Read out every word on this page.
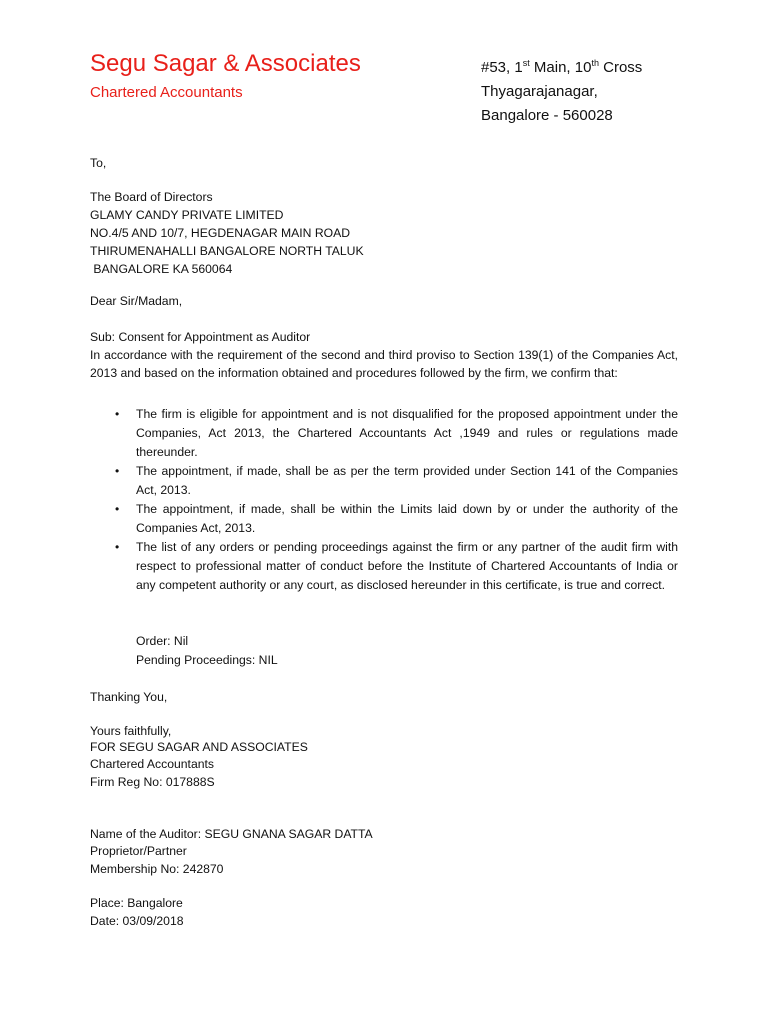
Segu Sagar & Associates
Chartered Accountants
#53, 1st Main, 10th Cross
Thyagarajanagar,
Bangalore - 560028
To,
The Board of Directors
GLAMY CANDY PRIVATE LIMITED
NO.4/5 AND 10/7, HEGDENAGAR MAIN ROAD
THIRUMENAHALLI BANGALORE NORTH TALUK
BANGALORE KA 560064
Dear Sir/Madam,
Sub: Consent for Appointment as Auditor
In accordance with the requirement of the second and third proviso to Section 139(1) of the Companies Act, 2013 and based on the information obtained and procedures followed by the firm, we confirm that:
• The firm is eligible for appointment and is not disqualified for the proposed appointment under the Companies, Act 2013, the Chartered Accountants Act ,1949 and rules or regulations made thereunder.
• The appointment, if made, shall be as per the term provided under Section 141 of the Companies Act, 2013.
• The appointment, if made, shall be within the Limits laid down by or under the authority of the Companies Act, 2013.
• The list of any orders or pending proceedings against the firm or any partner of the audit firm with respect to professional matter of conduct before the Institute of Chartered Accountants of India or any competent authority or any court, as disclosed hereunder in this certificate, is true and correct.
Order: Nil
Pending Proceedings: NIL
Thanking You,
Yours faithfully,
FOR SEGU SAGAR AND ASSOCIATES
Chartered Accountants
Firm Reg No: 017888S
Name of the Auditor: SEGU GNANA SAGAR DATTA
Proprietor/Partner
Membership No: 242870
Place: Bangalore
Date: 03/09/2018
